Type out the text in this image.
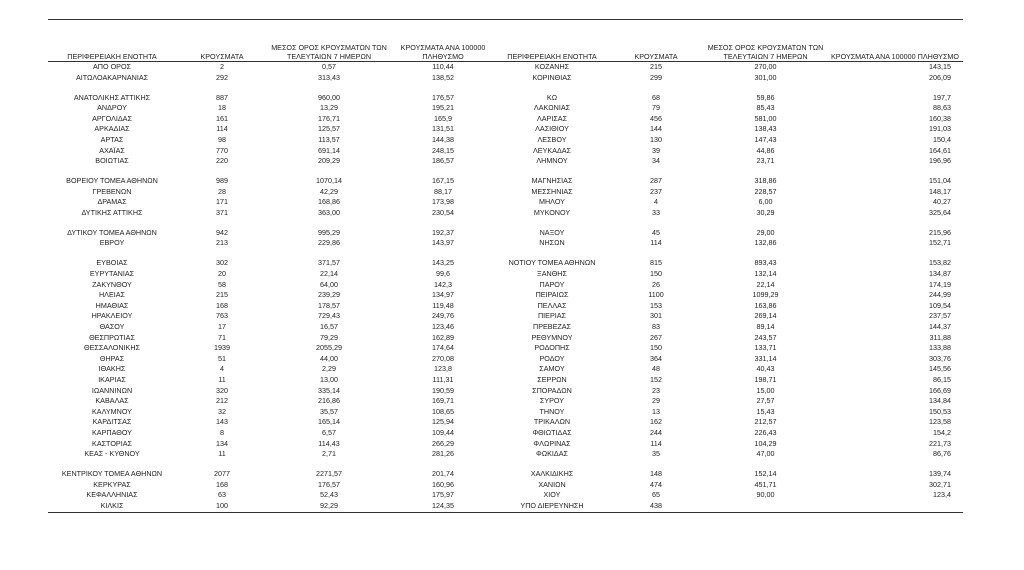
ΠΕΡΙΦΕΡΕΙΑΚΗ ΕΝΟΤΗΤΑ	ΚΡΟΥΣΜΑΤΑ	ΜΕΣΟΣ ΟΡΟΣ ΚΡΟΥΣΜΑΤΩΝ ΤΩΝ ΤΕΛΕΥΤΑΙΩΝ 7 ΗΜΕΡΩΝ	ΚΡΟΥΣΜΑΤΑ ΑΝΑ 100000 ΠΛΗΘΥΣΜΟ	ΠΕΡΙΦΕΡΕΙΑΚΗ ΕΝΟΤΗΤΑ	ΚΡΟΥΣΜΑΤΑ	ΜΕΣΟΣ ΟΡΟΣ ΚΡΟΥΣΜΑΤΩΝ ΤΩΝ ΤΕΛΕΥΤΑΙΩΝ 7 ΗΜΕΡΩΝ	ΚΡΟΥΣΜΑΤΑ ΑΝΑ 100000 ΠΛΗΘΥΣΜΟ
ΑΠΟ ΟΡΟΣ	2	0,57	110,44	ΚΟΖΑΝΗΣ	215	270,00	143,15
ΑΙΤΩΛΟΑΚΑΡΝΑΝΙΑΣ	292	313,43	138,52	ΚΟΡΙΝΘΙΑΣ	299	301,00	206,09

ΑΝΑΤΟΛΙΚΗΣ ΑΤΤΙΚΗΣ	887	960,00	176,57	ΚΩ	68	59,86	197,7
ΑΝΔΡΟΥ	18	13,29	195,21	ΛΑΚΩΝΙΑΣ	79	85,43	88,63
ΑΡΓΟΛΙΔΑΣ	161	176,71	165,9	ΛΑΡΙΣΑΣ	456	581,00	160,38
ΑΡΚΑΔΙΑΣ	114	125,57	131,51	ΛΑΣΙΘΙΟΥ	144	138,43	191,03
ΑΡΤΑΣ	98	113,57	144,38	ΛΕΣΒΟΥ	130	147,43	150,4
ΑΧΑΪΑΣ	770	691,14	248,15	ΛΕΥΚΑΔΑΣ	39	44,86	164,61
ΒΟΙΩΤΙΑΣ	220	209,29	186,57	ΛΗΜΝΟΥ	34	23,71	196,96

ΒΟΡΕΙΟΥ ΤΟΜΕΑ ΑΘΗΝΩΝ	989	1070,14	167,15	ΜΑΓΝΗΣΙΑΣ	287	318,86	151,04
ΓΡΕΒΕΝΩΝ	28	42,29	88,17	ΜΕΣΣΗΝΙΑΣ	237	228,57	148,17
ΔΡΑΜΑΣ	171	168,86	173,98	ΜΗΛΟΥ	4	6,00	40,27
ΔΥΤΙΚΗΣ ΑΤΤΙΚΗΣ	371	363,00	230,54	ΜΥΚΟΝΟΥ	33	30,29	325,64

ΔΥΤΙΚΟΥ ΤΟΜΕΑ ΑΘΗΝΩΝ	942	995,29	192,37	ΝΑΞΟΥ	45	29,00	215,96
ΕΒΡΟΥ	213	229,86	143,97	ΝΗΣΩΝ	114	132,86	152,71

ΕΥΒΟΙΑΣ	302	371,57	143,25	ΝΟΤΙΟΥ ΤΟΜΕΑ ΑΘΗΝΩΝ	815	893,43	153,82
ΕΥΡΥΤΑΝΙΑΣ	20	22,14	99,6	ΞΑΝΘΗΣ	150	132,14	134,87
ΖΑΚΥΝΘΟΥ	58	64,00	142,3	ΠΑΡΟΥ	26	22,14	174,19
ΗΛΕΙΑΣ	215	239,29	134,97	ΠΕΙΡΑΙΩΣ	1100	1099,29	244,99
ΗΜΑΘΙΑΣ	168	178,57	119,48	ΠΕΛΛΑΣ	153	163,86	109,54
ΗΡΑΚΛΕΙΟΥ	763	729,43	249,76	ΠΙΕΡΙΑΣ	301	269,14	237,57
ΘΑΣΟΥ	17	16,57	123,46	ΠΡΕΒΕΖΑΣ	83	89,14	144,37
ΘΕΣΠΡΩΤΙΑΣ	71	79,29	162,89	ΡΕΘΥΜΝΟΥ	267	243,57	311,88
ΘΕΣΣΑΛΟΝΙΚΗΣ	1939	2055,29	174,64	ΡΟΔΟΠΗΣ	150	133,71	133,88
ΘΗΡΑΣ	51	44,00	270,08	ΡΟΔΟΥ	364	331,14	303,76
ΙΘΑΚΗΣ	4	2,29	123,8	ΣΑΜΟΥ	48	40,43	145,56
ΙΚΑΡΙΑΣ	11	13,00	111,31	ΣΕΡΡΩΝ	152	198,71	86,15
ΙΩΑΝΝΙΝΩΝ	320	335,14	190,59	ΣΠΟΡΑΔΩΝ	23	15,00	166,69
ΚΑΒΑΛΑΣ	212	216,86	169,71	ΣΥΡΟΥ	29	27,57	134,84
ΚΑΛΥΜΝΟΥ	32	35,57	108,65	ΤΗΝΟΥ	13	15,43	150,53
ΚΑΡΔΙΤΣΑΣ	143	165,14	125,94	ΤΡΙΚΑΛΩΝ	162	212,57	123,58
ΚΑΡΠΑΘΟΥ	8	6,57	109,44	ΦΘΙΩΤΙΔΑΣ	244	226,43	154,2
ΚΑΣΤΟΡΙΑΣ	134	114,43	266,29	ΦΛΩΡΙΝΑΣ	114	104,29	221,73
ΚΕΑΣ - ΚΥΘΝΟΥ	11	2,71	281,26	ΦΩΚΙΔΑΣ	35	47,00	86,76

ΚΕΝΤΡΙΚΟΥ ΤΟΜΕΑ ΑΘΗΝΩΝ	2077	2271,57	201,74	ΧΑΛΚΙΔΙΚΗΣ	148	152,14	139,74
ΚΕΡΚΥΡΑΣ	168	176,57	160,96	ΧΑΝΙΩΝ	474	451,71	302,71
ΚΕΦΑΛΛΗΝΙΑΣ	63	52,43	175,97	ΧΙΟΥ	65	90,00	123,4
ΚΙΛΚΙΣ	100	92,29	124,35	ΥΠΟ ΔΙΕΡΕΥΝΗΣΗ	438		
